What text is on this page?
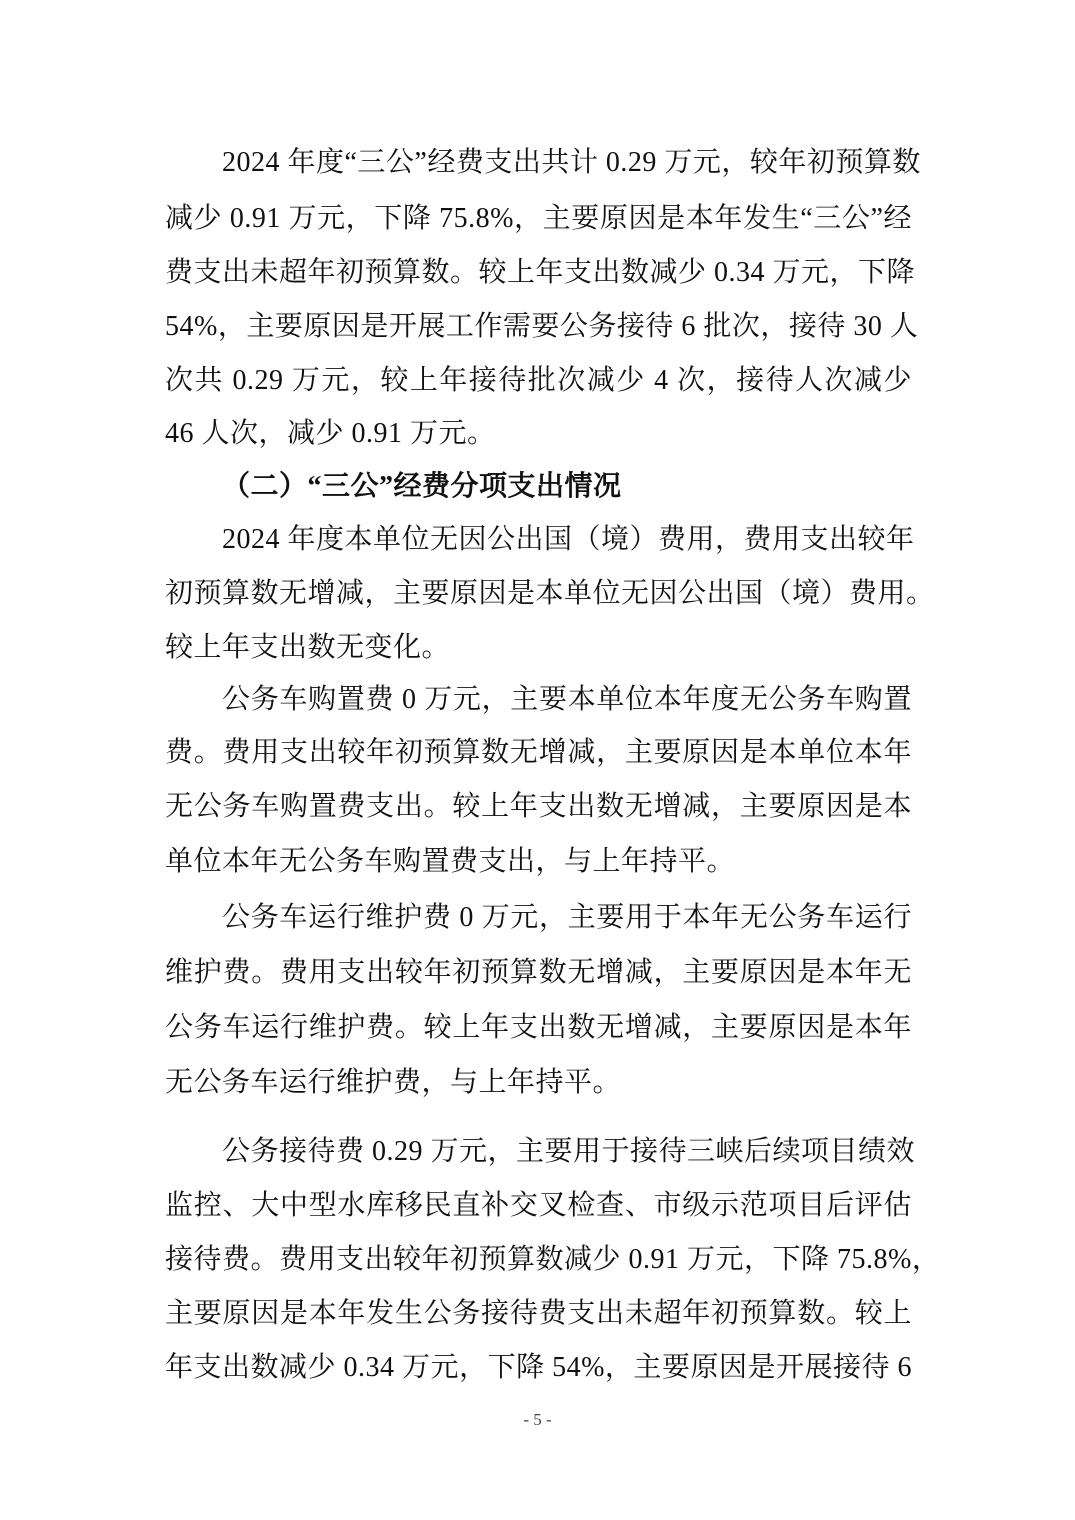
2024 年度“三公”经费支出共计 0.29 万元，较年初预算数
减少 0.91 万元，下降 75.8%，主要原因是本年发生“三公”经
费支出未超年初预算数。较上年支出数减少 0.34 万元，下降
54%，主要原因是开展工作需要公务接待 6 批次，接待 30 人
次共 0.29 万元，较上年接待批次减少 4 次，接待人次减少
46 人次，减少 0.91 万元。
（二）“三公”经费分项支出情况
2024 年度本单位无因公出国（境）费用，费用支出较年
初预算数无增减，主要原因是本单位无因公出国（境）费用。
较上年支出数无变化。
公务车购置费 0 万元，主要本单位本年度无公务车购置
费。费用支出较年初预算数无增减，主要原因是本单位本年
无公务车购置费支出。较上年支出数无增减，主要原因是本
单位本年无公务车购置费支出，与上年持平。
公务车运行维护费 0 万元，主要用于本年无公务车运行
维护费。费用支出较年初预算数无增减，主要原因是本年无
公务车运行维护费。较上年支出数无增减，主要原因是本年
无公务车运行维护费，与上年持平。
公务接待费 0.29 万元，主要用于接待三峡后续项目绩效
监控、大中型水库移民直补交叉检查、市级示范项目后评估
接待费。费用支出较年初预算数减少 0.91 万元，下降 75.8%，
主要原因是本年发生公务接待费支出未超年初预算数。较上
年支出数减少 0.34 万元，下降 54%，主要原因是开展接待 6
- 5 -
